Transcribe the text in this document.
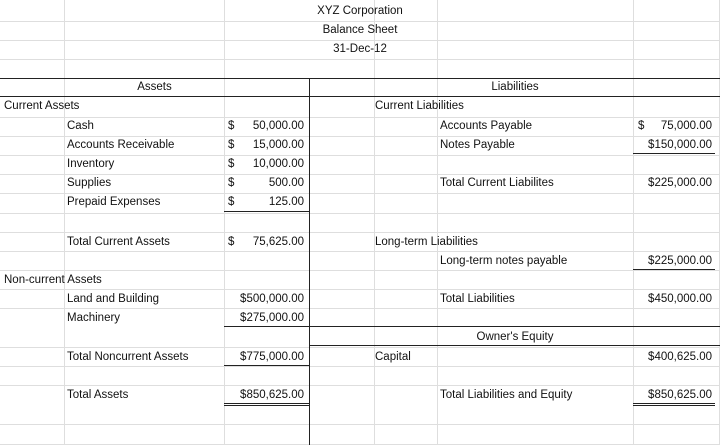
XYZ Corporation
Balance Sheet
31-Dec-12
Assets	Liabilities
Current Assets
Cash	$	50,000.00
Accounts Receivable	$	15,000.00
Inventory	$	10,000.00
Supplies	$	500.00
Prepaid Expenses	$	125.00
Total Current Assets	$	75,625.00
Non-current Assets
Land and Building	$500,000.00
Machinery	$275,000.00
Total Noncurrent Assets	$775,000.00
Total Assets	$850,625.00
Current Liabilities
Accounts Payable	$	75,000.00
Notes Payable	$150,000.00
Total Current Liabilites	$225,000.00
Long-term Liabilities
Long-term notes payable	$225,000.00
Total Liabilities	$450,000.00
Owner's Equity
Capital	$400,625.00
Total Liabilities and Equity	$850,625.00
